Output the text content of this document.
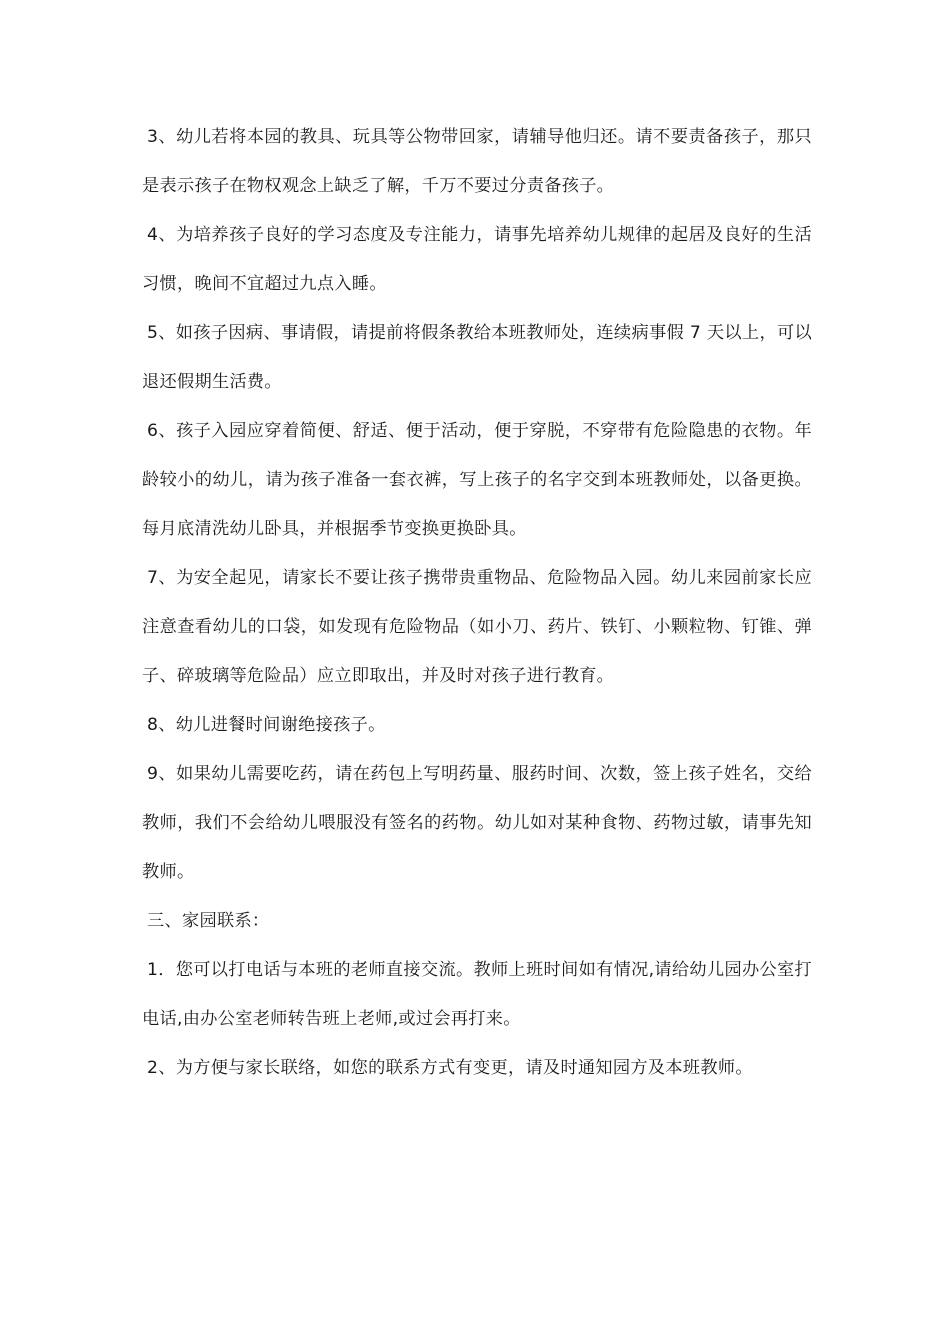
3、幼儿若将本园的教具、玩具等公物带回家，请辅导他归还。请不要责备孩子，那只是表示孩子在物权观念上缺乏了解，千万不要过分责备孩子。

4、为培养孩子良好的学习态度及专注能力，请事先培养幼儿规律的起居及良好的生活习惯，晚间不宜超过九点入睡。

5、如孩子因病、事请假，请提前将假条教给本班教师处，连续病事假 7 天以上，可以退还假期生活费。

6、孩子入园应穿着简便、舒适、便于活动，便于穿脱，不穿带有危险隐患的衣物。年龄较小的幼儿，请为孩子准备一套衣裤，写上孩子的名字交到本班教师处，以备更换。每月底清洗幼儿卧具，并根据季节变换更换卧具。

7、为安全起见，请家长不要让孩子携带贵重物品、危险物品入园。幼儿来园前家长应注意查看幼儿的口袋，如发现有危险物品（如小刀、药片、铁钉、小颗粒物、钉锥、弹子、碎玻璃等危险品）应立即取出，并及时对孩子进行教育。

8、幼儿进餐时间谢绝接孩子。

9、如果幼儿需要吃药，请在药包上写明药量、服药时间、次数，签上孩子姓名，交给教师，我们不会给幼儿喂服没有签名的药物。幼儿如对某种食物、药物过敏，请事先知教师。

三、家园联系：

1．您可以打电话与本班的老师直接交流。教师上班时间如有情况,请给幼儿园办公室打电话,由办公室老师转告班上老师,或过会再打来。

2、为方便与家长联络，如您的联系方式有变更，请及时通知园方及本班教师。
